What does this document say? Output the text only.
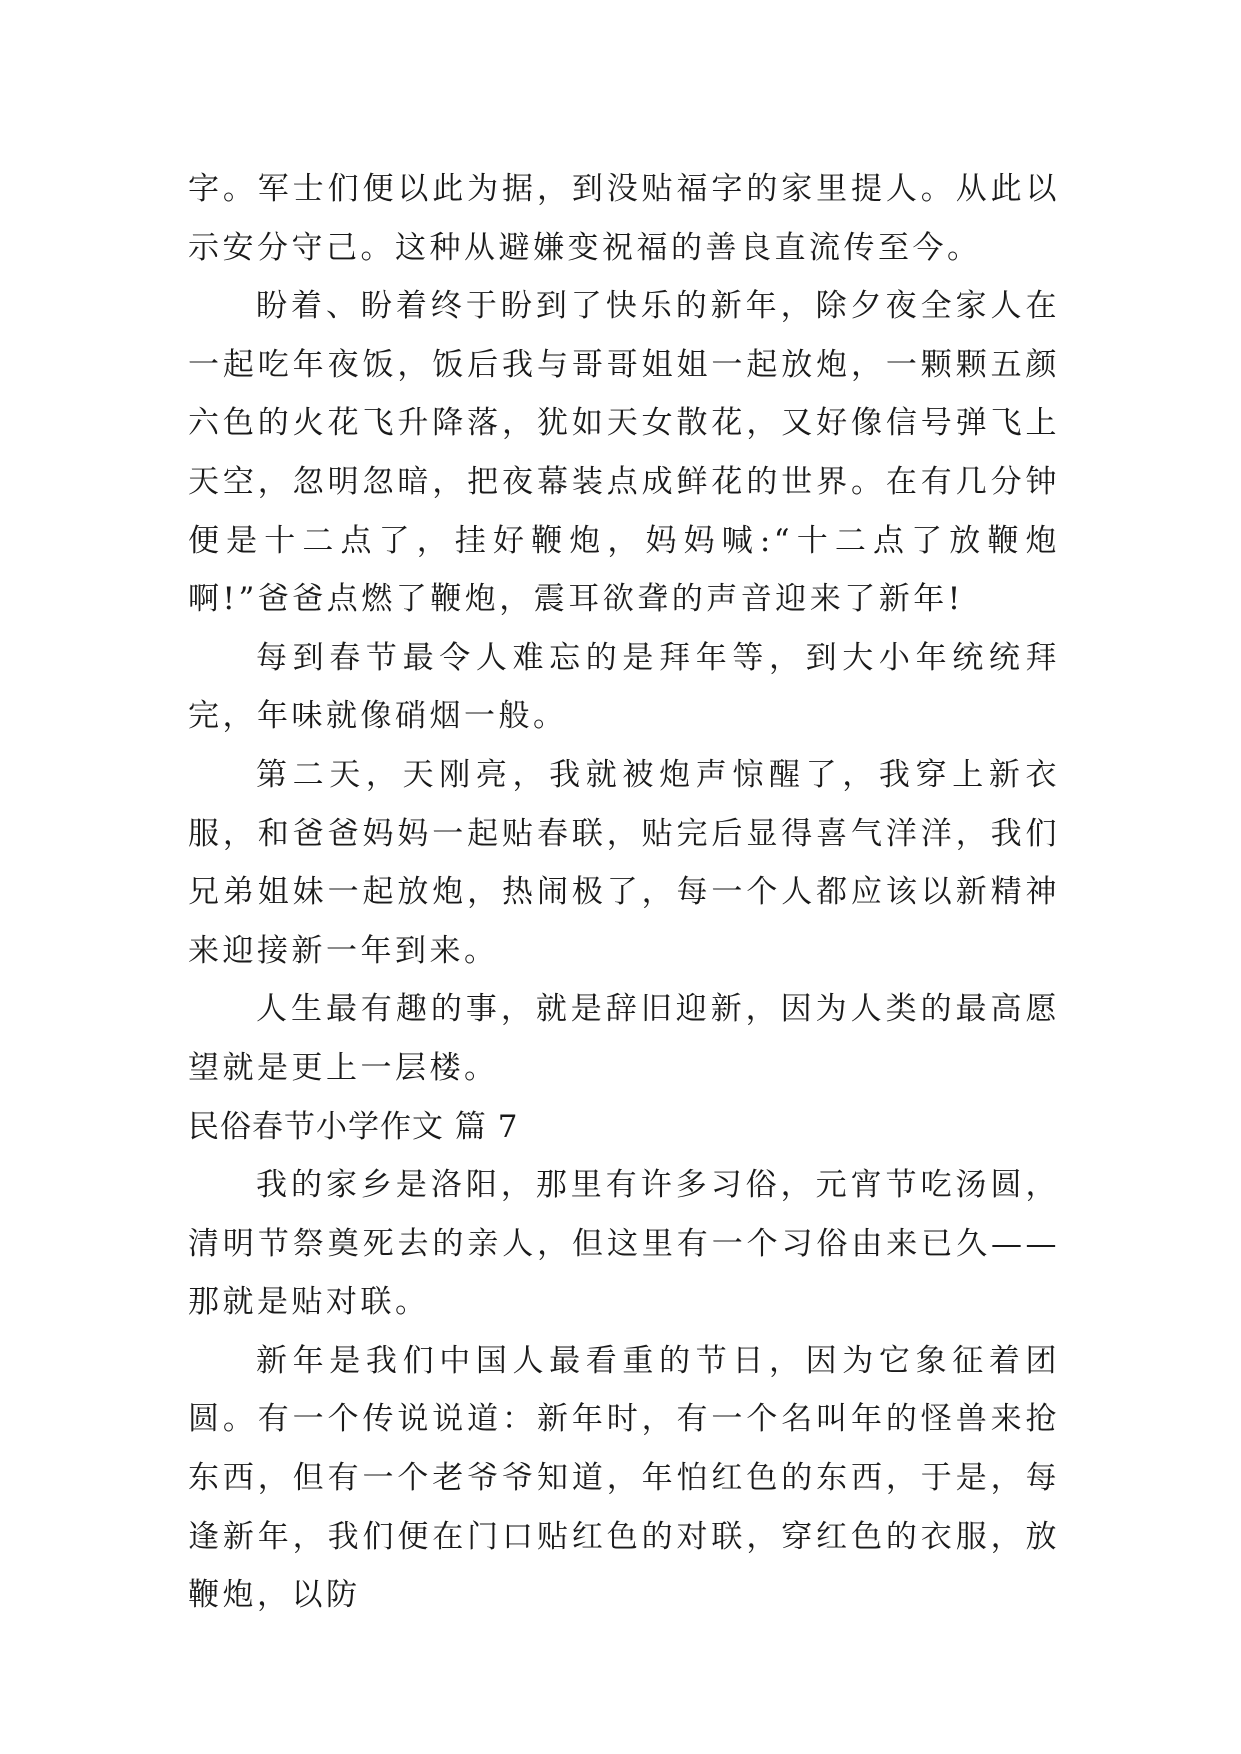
字。军士们便以此为据，到没贴福字的家里提人。从此以示安分守己。这种从避嫌变祝福的善良直流传至今。

盼着、盼着终于盼到了快乐的新年，除夕夜全家人在一起吃年夜饭，饭后我与哥哥姐姐一起放炮，一颗颗五颜六色的火花飞升降落，犹如天女散花，又好像信号弹飞上天空，忽明忽暗，把夜幕装点成鲜花的世界。在有几分钟便是十二点了，挂好鞭炮，妈妈喊:“十二点了放鞭炮啊!”爸爸点燃了鞭炮，震耳欲聋的声音迎来了新年!

每到春节最令人难忘的是拜年等，到大小年统统拜完，年味就像硝烟一般。

第二天，天刚亮，我就被炮声惊醒了，我穿上新衣服，和爸爸妈妈一起贴春联，贴完后显得喜气洋洋，我们兄弟姐妹一起放炮，热闹极了，每一个人都应该以新精神来迎接新一年到来。

人生最有趣的事，就是辞旧迎新，因为人类的最高愿望就是更上一层楼。

民俗春节小学作文 篇 7

我的家乡是洛阳，那里有许多习俗，元宵节吃汤圆，清明节祭奠死去的亲人，但这里有一个习俗由来已久——那就是贴对联。

新年是我们中国人最看重的节日，因为它象征着团圆。有一个传说说道：新年时，有一个名叫年的怪兽来抢东西，但有一个老爷爷知道，年怕红色的东西，于是，每逢新年，我们便在门口贴红色的对联，穿红色的衣服，放鞭炮，以防
